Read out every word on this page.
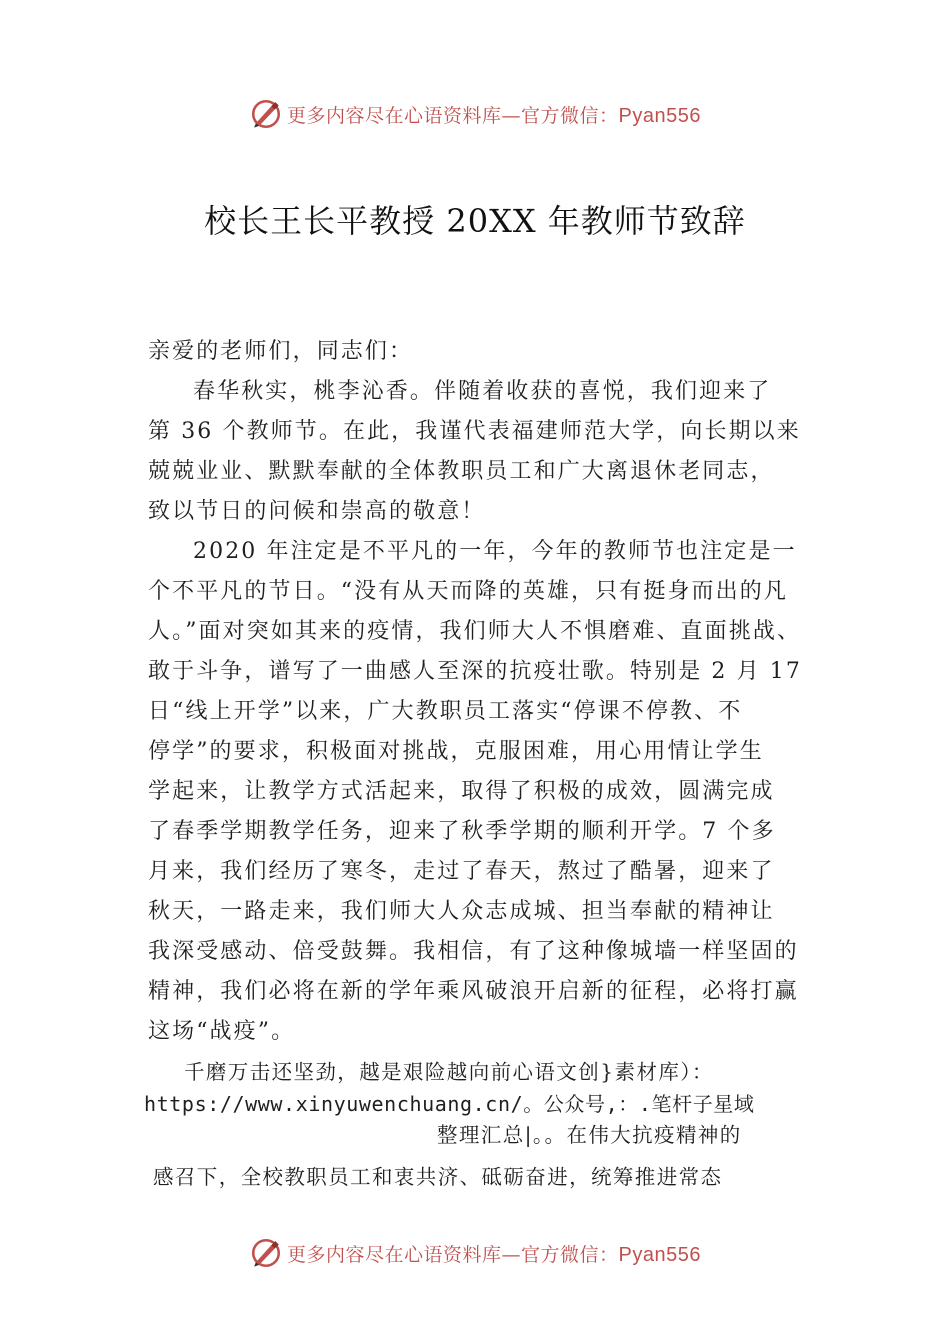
更多内容尽在心语资料库—官方微信：Pyan556
校长王长平教授 20XX 年教师节致辞
亲爱的老师们，同志们：
春华秋实，桃李沁香。伴随着收获的喜悦，我们迎来了
第 36 个教师节。在此，我谨代表福建师范大学，向长期以来
兢兢业业、默默奉献的全体教职员工和广大离退休老同志，
致以节日的问候和崇高的敬意！
2020 年注定是不平凡的一年，今年的教师节也注定是一
个不平凡的节日。“没有从天而降的英雄，只有挺身而出的凡
人。”面对突如其来的疫情，我们师大人不惧磨难、直面挑战、
敢于斗争，谱写了一曲感人至深的抗疫壮歌。特别是 2 月 17
日“线上开学”以来，广大教职员工落实“停课不停教、不
停学”的要求，积极面对挑战，克服困难，用心用情让学生
学起来，让教学方式活起来，取得了积极的成效，圆满完成
了春季学期教学任务，迎来了秋季学期的顺利开学。7 个多
月来，我们经历了寒冬，走过了春天，熬过了酷暑，迎来了
秋天，一路走来，我们师大人众志成城、担当奉献的精神让
我深受感动、倍受鼓舞。我相信，有了这种像城墙一样坚固的
精神，我们必将在新的学年乘风破浪开启新的征程，必将打赢
这场“战疫”。
千磨万击还坚劲，越是艰险越向前心语文创}素材库）：
https://www.xinyuwenchuang.cn/。公众号,：.笔杆子星域
整理汇总|。。在伟大抗疫精神的
感召下，全校教职员工和衷共济、砥砺奋进，统筹推进常态
更多内容尽在心语资料库—官方微信：Pyan556
